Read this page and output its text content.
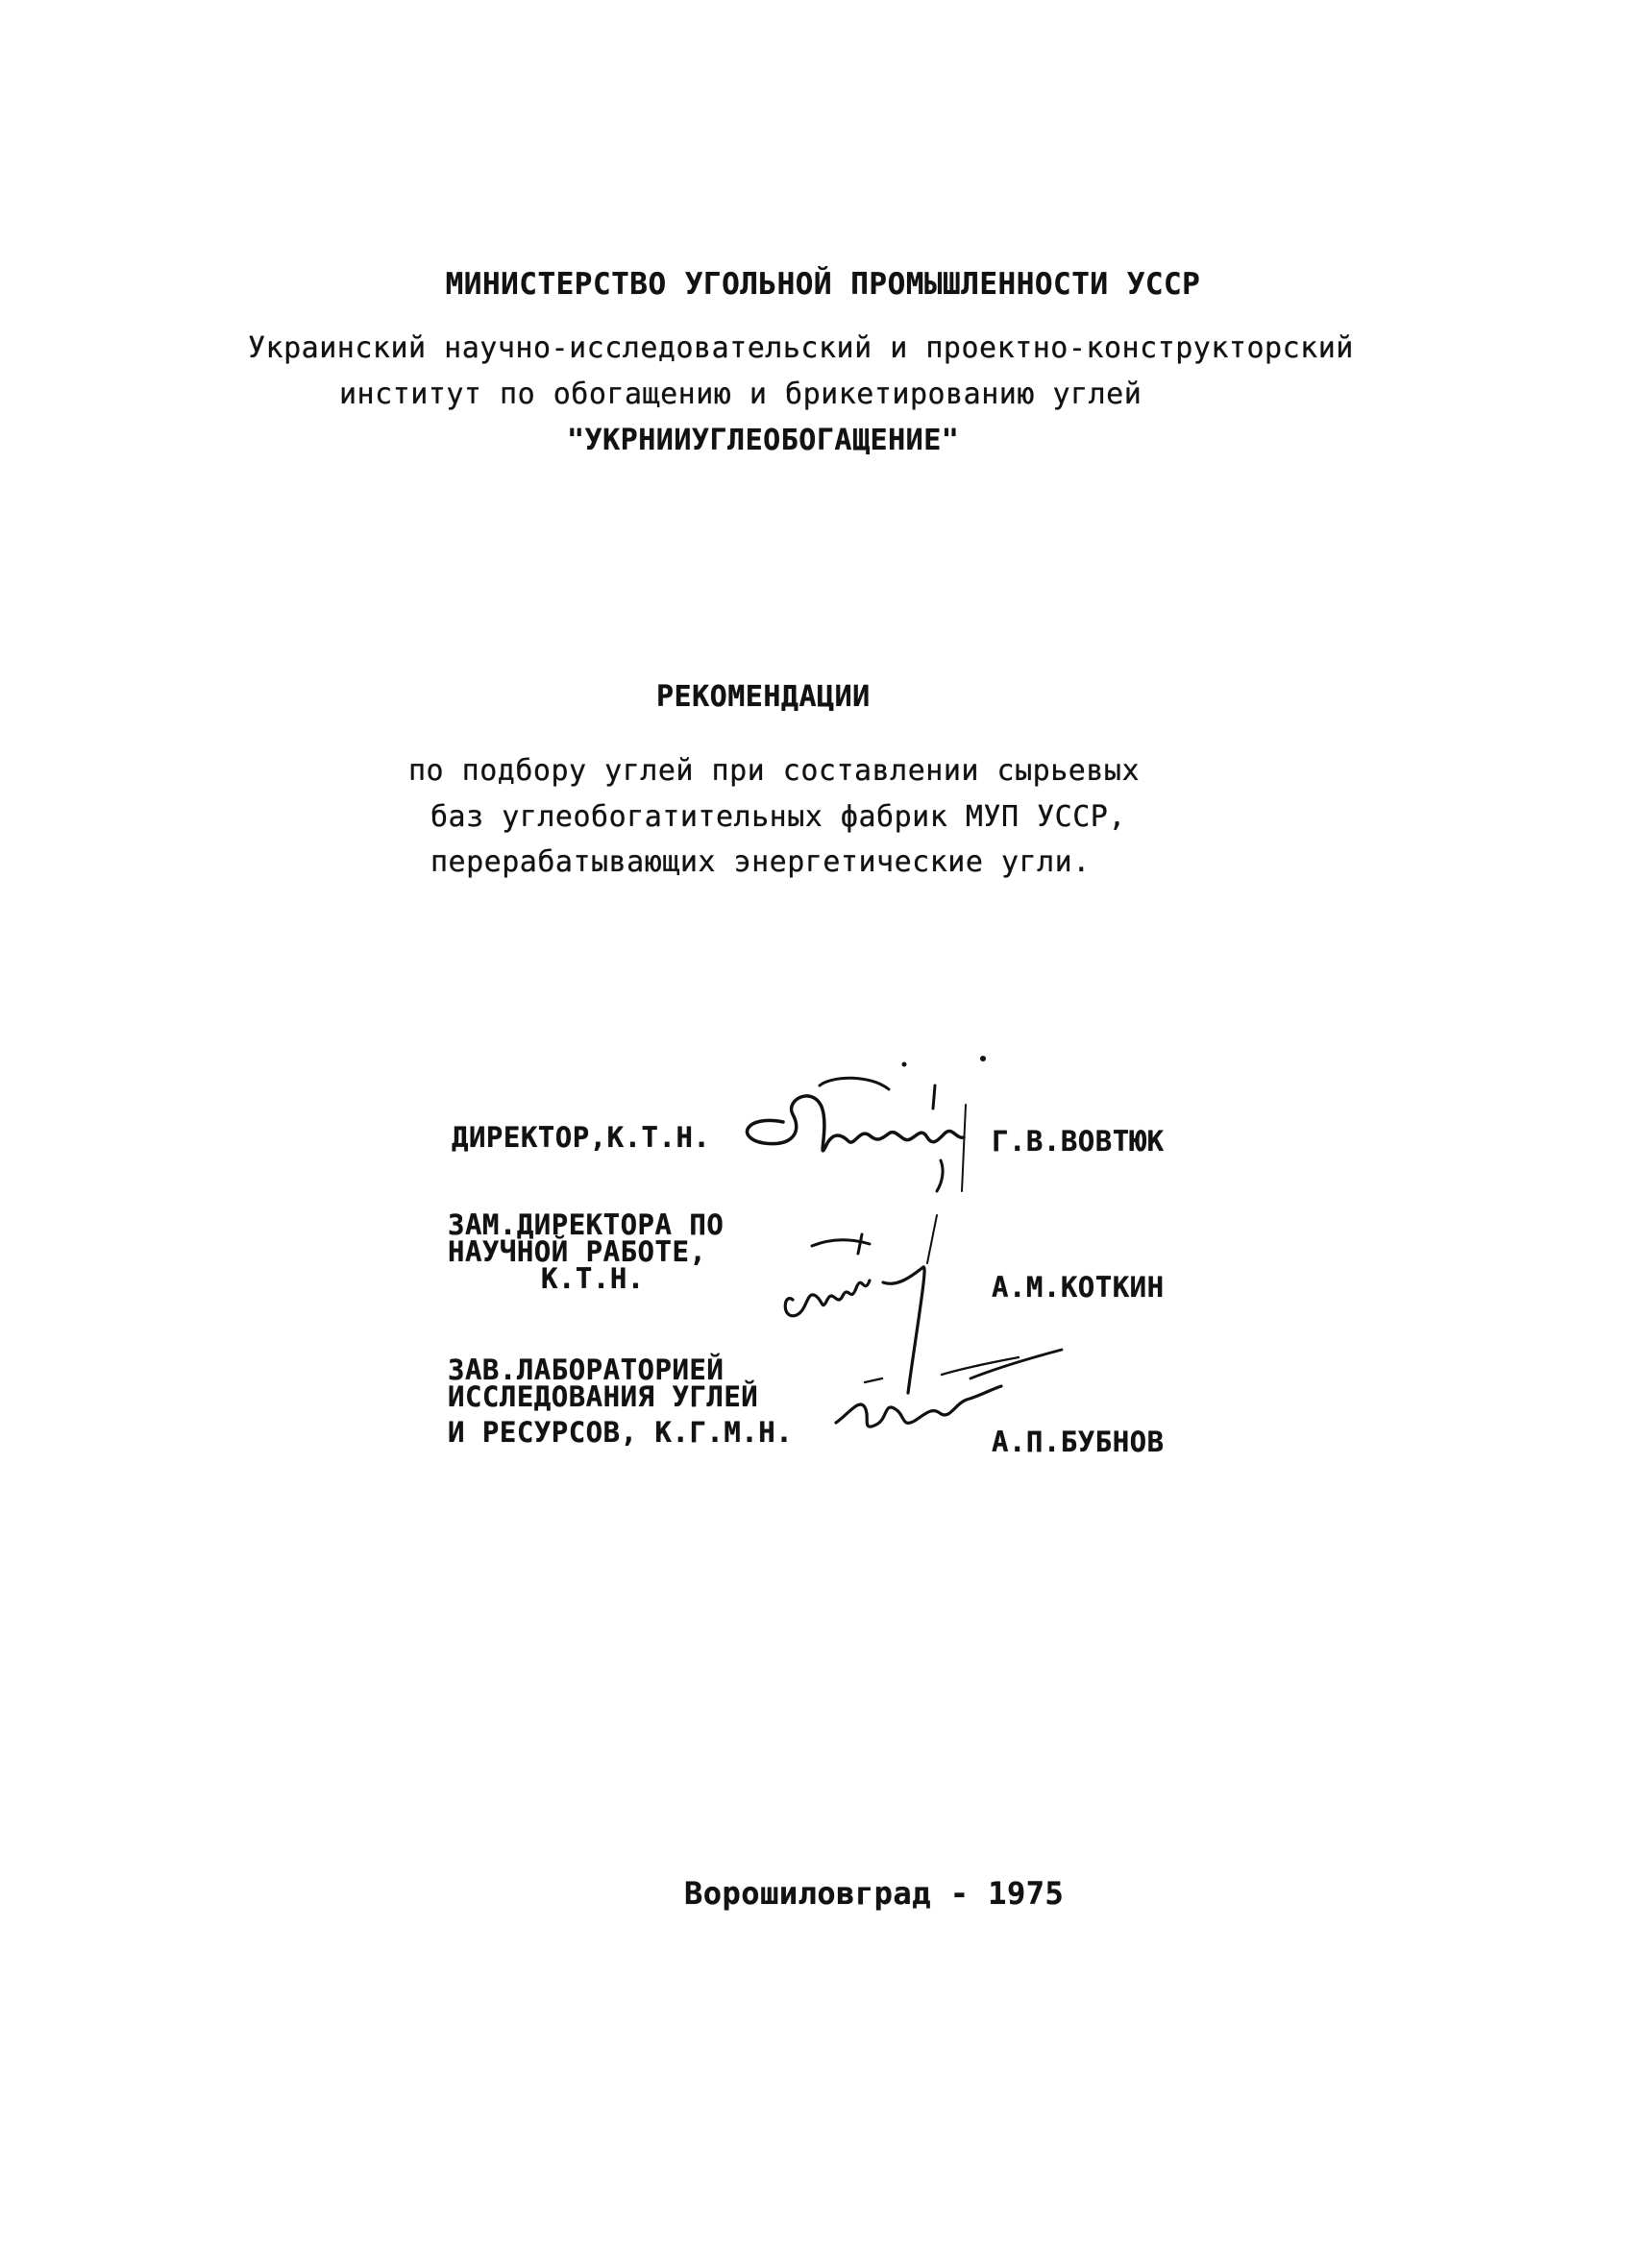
МИНИСТЕРСТВО УГОЛЬНОЙ ПРОМЫШЛЕННОСТИ УССР
Украинский научно-исследовательский и проектно-конструкторский
институт по обогащению и брикетированию углей
"УКРНИИУГЛЕОБОГАЩЕНИЕ"
РЕКОМЕНДАЦИИ
по подбору углей при составлении сырьевых
баз углеобогатительных фабрик МУП УССР,
перерабатывающих энергетические угли.
ДИРЕКТОР,К.Т.Н.	Г.В.ВОВТЮК
ЗАМ.ДИРЕКТОРА ПО
НАУЧНОЙ РАБОТЕ,
К.Т.Н.	А.М.КОТКИН
ЗАВ.ЛАБОРАТОРИЕЙ
ИССЛЕДОВАНИЯ УГЛЕЙ
И РЕСУРСОВ, К.Г.М.Н.	А.П.БУБНОВ
Ворошиловград - 1975
